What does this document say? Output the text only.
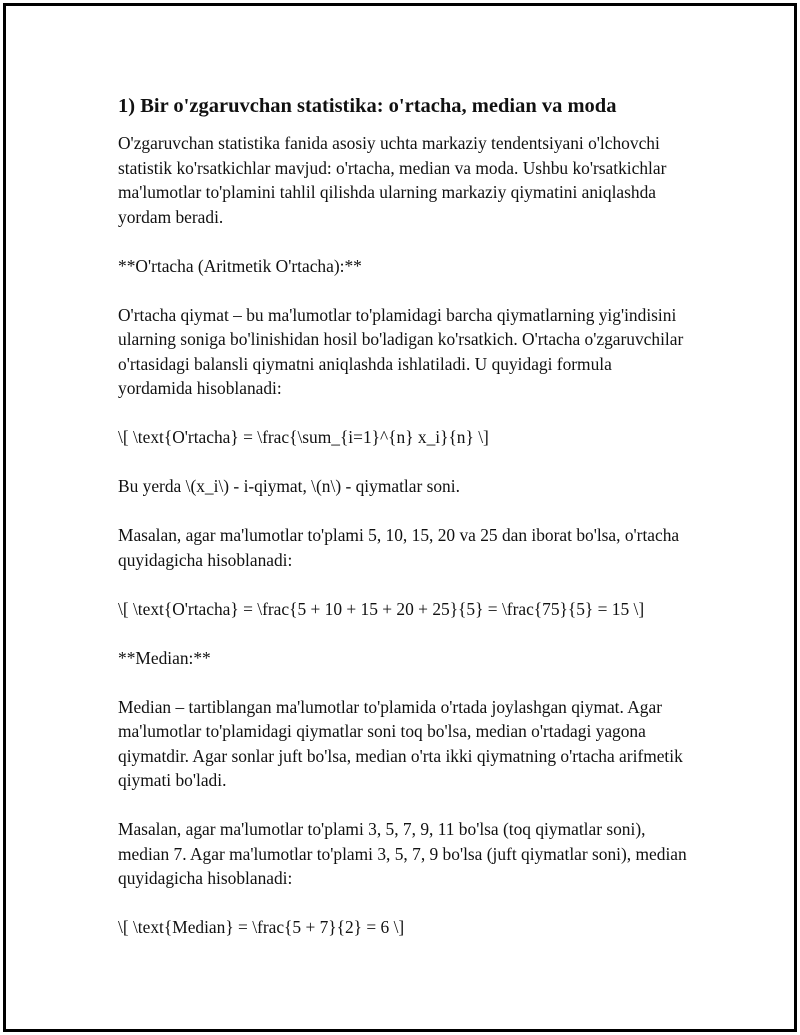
1) Bir o'zgaruvchan statistika: o'rtacha, median va moda

O'zgaruvchan statistika fanida asosiy uchta markaziy tendentsiyani o'lchovchi statistik ko'rsatkichlar mavjud: o'rtacha, median va moda. Ushbu ko'rsatkichlar ma'lumotlar to'plamini tahlil qilishda ularning markaziy qiymatini aniqlashda yordam beradi.

**O'rtacha (Aritmetik O'rtacha):**

O'rtacha qiymat – bu ma'lumotlar to'plamidagi barcha qiymatlarning yig'indisini ularning soniga bo'linishidan hosil bo'ladigan ko'rsatkich. O'rtacha o'zgaruvchilar o'rtasidagi balansli qiymatni aniqlashda ishlatiladi. U quyidagi formula yordamida hisoblanadi:

\[ \text{O'rtacha} = \frac{\sum_{i=1}^{n} x_i}{n} \]

Bu yerda \(x_i\) - i-qiymat, \(n\) - qiymatlar soni.

Masalan, agar ma'lumotlar to'plami 5, 10, 15, 20 va 25 dan iborat bo'lsa, o'rtacha quyidagicha hisoblanadi:

\[ \text{O'rtacha} = \frac{5 + 10 + 15 + 20 + 25}{5} = \frac{75}{5} = 15 \]

**Median:**

Median – tartiblangan ma'lumotlar to'plamida o'rtada joylashgan qiymat. Agar ma'lumotlar to'plamidagi qiymatlar soni toq bo'lsa, median o'rtadagi yagona qiymatdir. Agar sonlar juft bo'lsa, median o'rta ikki qiymatning o'rtacha arifmetik qiymati bo'ladi.

Masalan, agar ma'lumotlar to'plami 3, 5, 7, 9, 11 bo'lsa (toq qiymatlar soni), median 7. Agar ma'lumotlar to'plami 3, 5, 7, 9 bo'lsa (juft qiymatlar soni), median quyidagicha hisoblanadi:

\[ \text{Median} = \frac{5 + 7}{2} = 6 \]
